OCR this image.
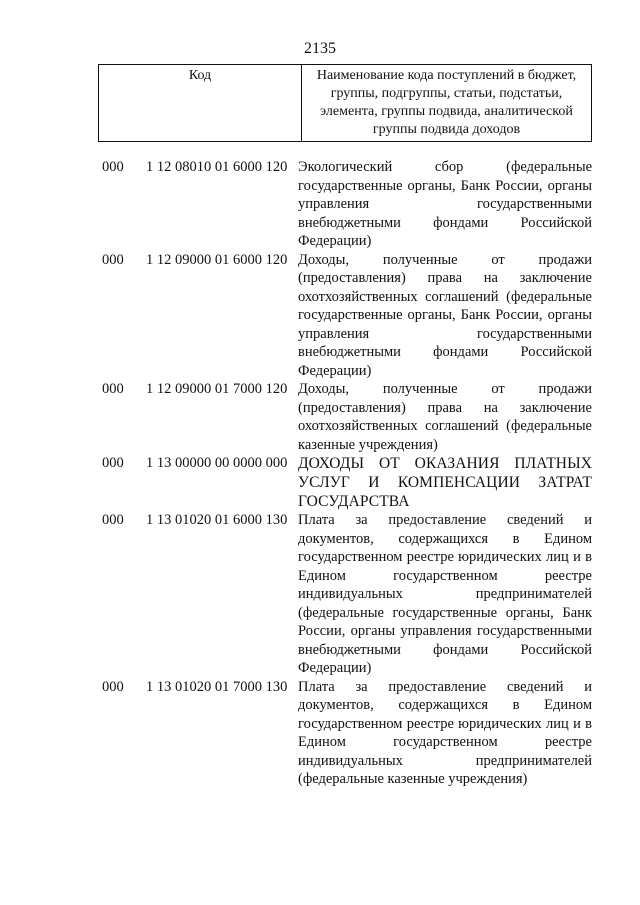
2135
Код	Наименование кода поступлений в бюджет, группы, подгруппы, статьи, подстатьи, элемента, группы подвида, аналитической группы подвида доходов
000	1 12 08010 01 6000 120 Экологический сбор (федеральные государственные органы, Банк России, органы управления государственными внебюджетными фондами Российской Федерации)
000	1 12 09000 01 6000 120 Доходы, полученные от продажи (предоставления) права на заключение охотхозяйственных соглашений (федеральные государственные органы, Банк России, органы управления государственными внебюджетными фондами Российской Федерации)
000	1 12 09000 01 7000 120 Доходы, полученные от продажи (предоставления) права на заключение охотхозяйственных соглашений (федеральные казенные учреждения)
000	1 13 00000 00 0000 000 ДОХОДЫ ОТ ОКАЗАНИЯ ПЛАТНЫХ УСЛУГ И КОМПЕНСАЦИИ ЗАТРАТ ГОСУДАРСТВА
000	1 13 01020 01 6000 130 Плата за предоставление сведений и документов, содержащихся в Едином государственном реестре юридических лиц и в Едином государственном реестре индивидуальных предпринимателей (федеральные государственные органы, Банк России, органы управления государственными внебюджетными фондами Российской Федерации)
000	1 13 01020 01 7000 130 Плата за предоставление сведений и документов, содержащихся в Едином государственном реестре юридических лиц и в Едином государственном реестре индивидуальных предпринимателей (федеральные казенные учреждения)
